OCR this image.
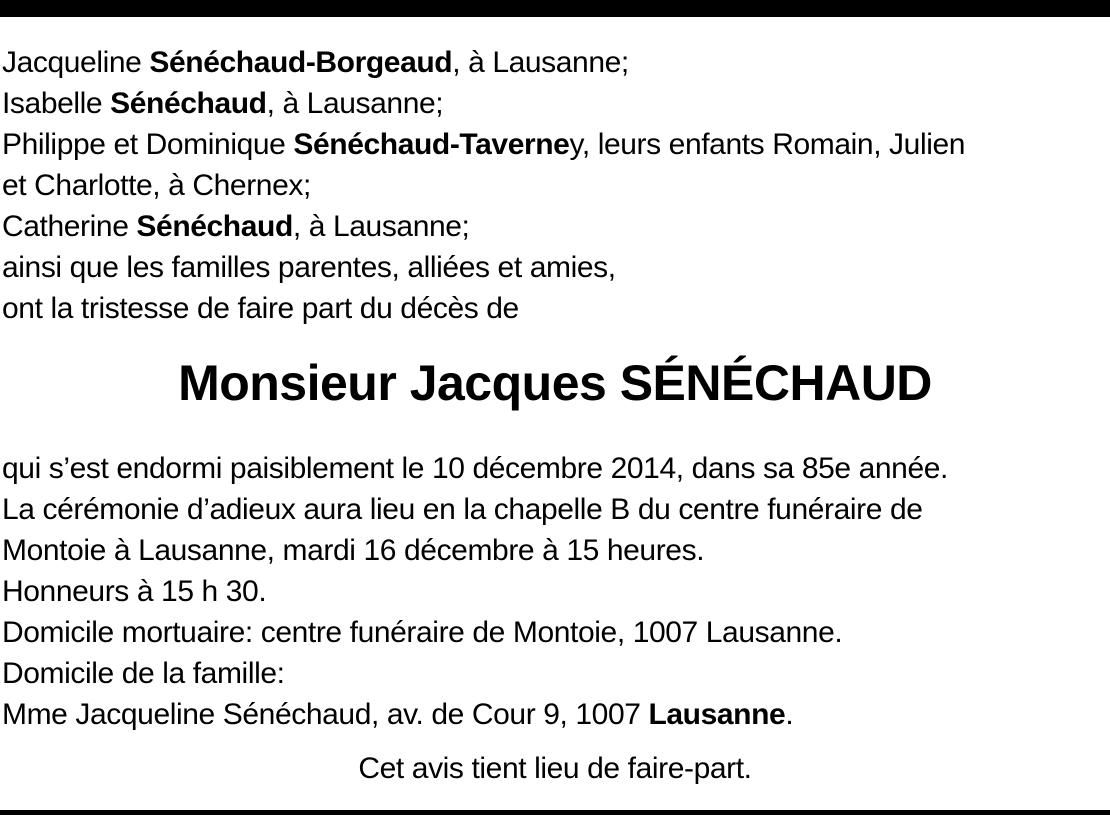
Jacqueline Sénéchaud-Borgeaud, à Lausanne;
Isabelle Sénéchaud, à Lausanne;
Philippe et Dominique Sénéchaud-Taverney, leurs enfants Romain, Julien
et Charlotte, à Chernex;
Catherine Sénéchaud, à Lausanne;
ainsi que les familles parentes, alliées et amies,
ont la tristesse de faire part du décès de
Monsieur Jacques SÉNÉCHAUD
qui s’est endormi paisiblement le 10 décembre 2014, dans sa 85e année.
La cérémonie d’adieux aura lieu en la chapelle B du centre funéraire de
Montoie à Lausanne, mardi 16 décembre à 15 heures.
Honneurs à 15 h 30.
Domicile mortuaire: centre funéraire de Montoie, 1007 Lausanne.
Domicile de la famille:
Mme Jacqueline Sénéchaud, av. de Cour 9, 1007 Lausanne.
Cet avis tient lieu de faire-part.
